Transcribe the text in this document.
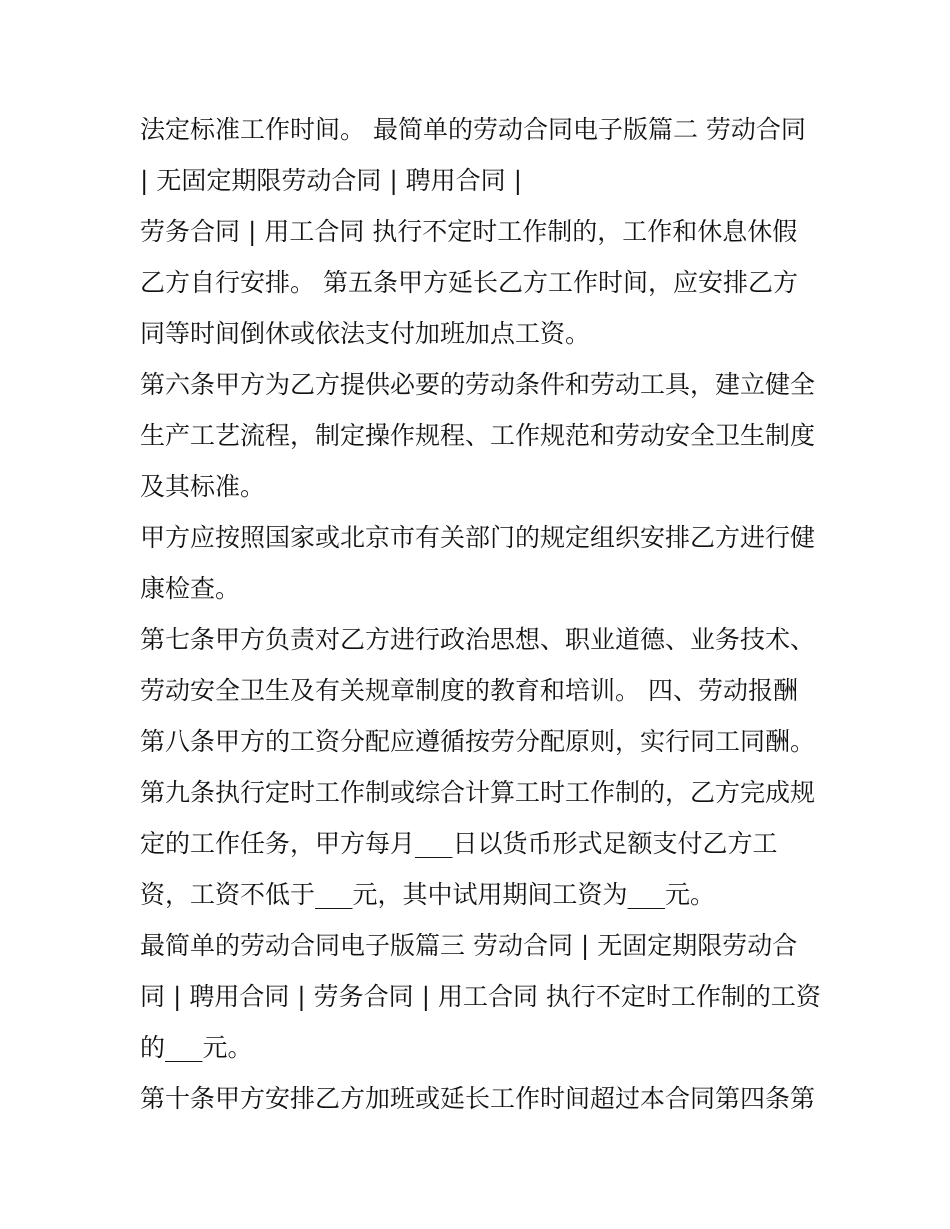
法定标准工作时间。 最简单的劳动合同电子版篇二 劳动合同
| 无固定期限劳动合同 | 聘用合同 |
劳务合同 | 用工合同 执行不定时工作制的，工作和休息休假
乙方自行安排。 第五条甲方延长乙方工作时间，应安排乙方
同等时间倒休或依法支付加班加点工资。
第六条甲方为乙方提供必要的劳动条件和劳动工具，建立健全
生产工艺流程，制定操作规程、工作规范和劳动安全卫生制度
及其标准。
甲方应按照国家或北京市有关部门的规定组织安排乙方进行健
康检查。
第七条甲方负责对乙方进行政治思想、职业道德、业务技术、
劳动安全卫生及有关规章制度的教育和培训。 四、劳动报酬
第八条甲方的工资分配应遵循按劳分配原则，实行同工同酬。
第九条执行定时工作制或综合计算工时工作制的，乙方完成规
定的工作任务，甲方每月___日以货币形式足额支付乙方工
资，工资不低于___元，其中试用期间工资为___元。
最简单的劳动合同电子版篇三 劳动合同 | 无固定期限劳动合
同 | 聘用合同 | 劳务合同 | 用工合同 执行不定时工作制的工资
的___元。
第十条甲方安排乙方加班或延长工作时间超过本合同第四条第
